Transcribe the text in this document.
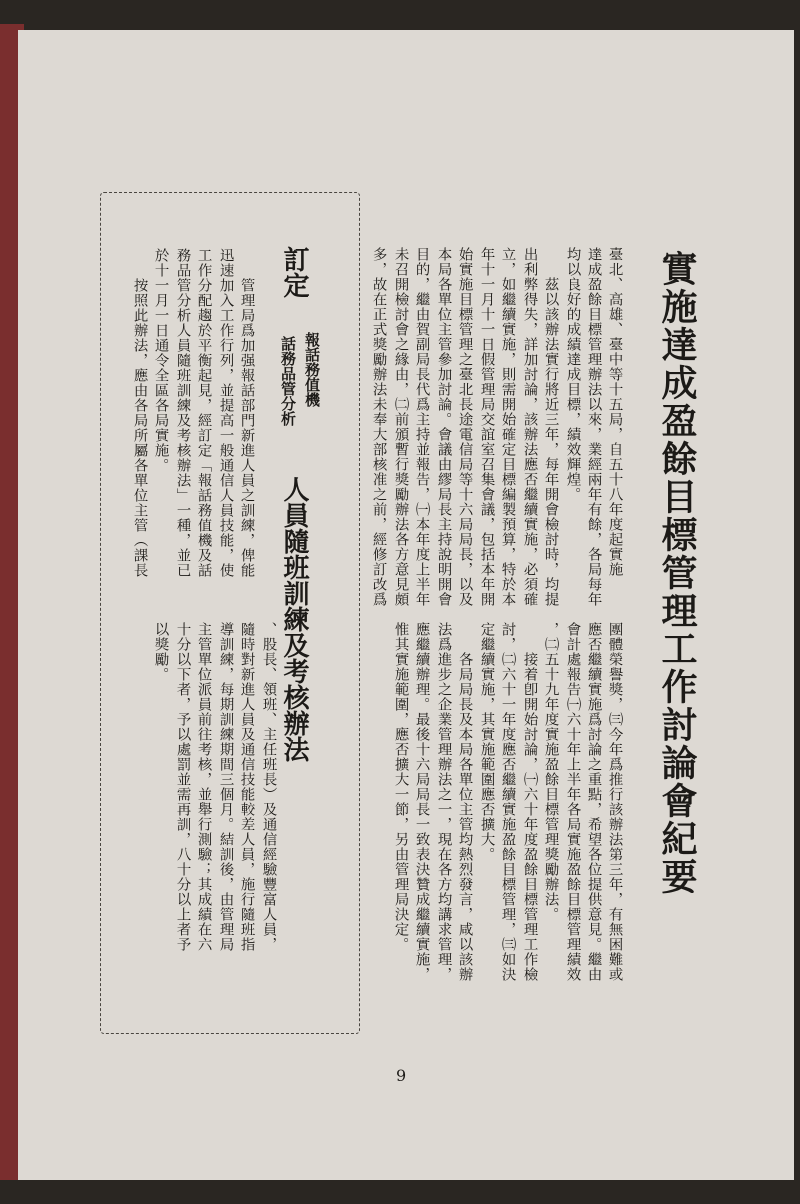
實施達成盈餘目標管理工作討論會紀要
臺北、高雄、臺中等十五局，自五十八年度起實施
達成盈餘目標管理辦法以來，業經兩年有餘，各局每年
均以良好的成績達成目標，績效輝煌。
　　茲以該辦法實行將近三年，每年開會檢討時，均提
出利弊得失，詳加討論，該辦法應否繼續實施，必須確
立，如繼續實施，則需開始確定目標編製預算，特於本
年十一月十一日假管理局交誼室召集會議，包括本年開
始實施目標管理之臺北長途電信局等十六局局長，以及
本局各單位主管參加討論。會議由繆局長主持說明開會
目的，繼由賀副局長代爲主持並報告，㈠本年度上半年
未召開檢討會之緣由，㈡前頒暫行獎勵辦法各方意見頗
多，故在正式獎勵辦法未奉大部核准之前，經修訂改爲
團體榮譽獎，㈢今年爲推行該辦法第三年，有無困難或
應否繼續實施爲討論之重點，希望各位提供意見。繼由
會計處報告㈠六十年上半年各局實施盈餘目標管理績效
，㈡五十九年度實施盈餘目標管理獎勵辦法。
　　接着卽開始討論，㈠六十年度盈餘目標管理工作檢
討，㈡六十一年度應否繼續實施盈餘目標管理，㈢如決
定繼續實施，其實施範圍應否擴大。
　　各局局長及本局各單位主管均熱烈發言，咸以該辦
法爲進步之企業管理辦法之一，現在各方均講求管理，
應繼續辦理。最後十六局局長一致表決贊成繼續實施，
惟其實施範圍，應否擴大一節，另由管理局決定。
訂定
報話務值機
話務品管分析
人員隨班訓練及考核辦法
　　管理局爲加强報話部門新進人員之訓練，俾能
迅速加入工作行列，並提高一般通信人員技能，使
工作分配趨於平衡起見，經訂定「報話務值機及話
務品管分析人員隨班訓練及考核辦法」一種，並已
於十一月一日通令全區各局實施。
　　按照此辦法，應由各局所屬各單位主管（課長
、股長、領班、主任班長）及通信經驗豐富人員，
隨時對新進人員及通信技能較差人員，施行隨班指
導訓練，每期訓練期間三個月。結訓後，由管理局
主管單位派員前往考核，並舉行測驗；其成績在六
十分以下者，予以處罰並需再訓，八十分以上者予
以獎勵。
9
